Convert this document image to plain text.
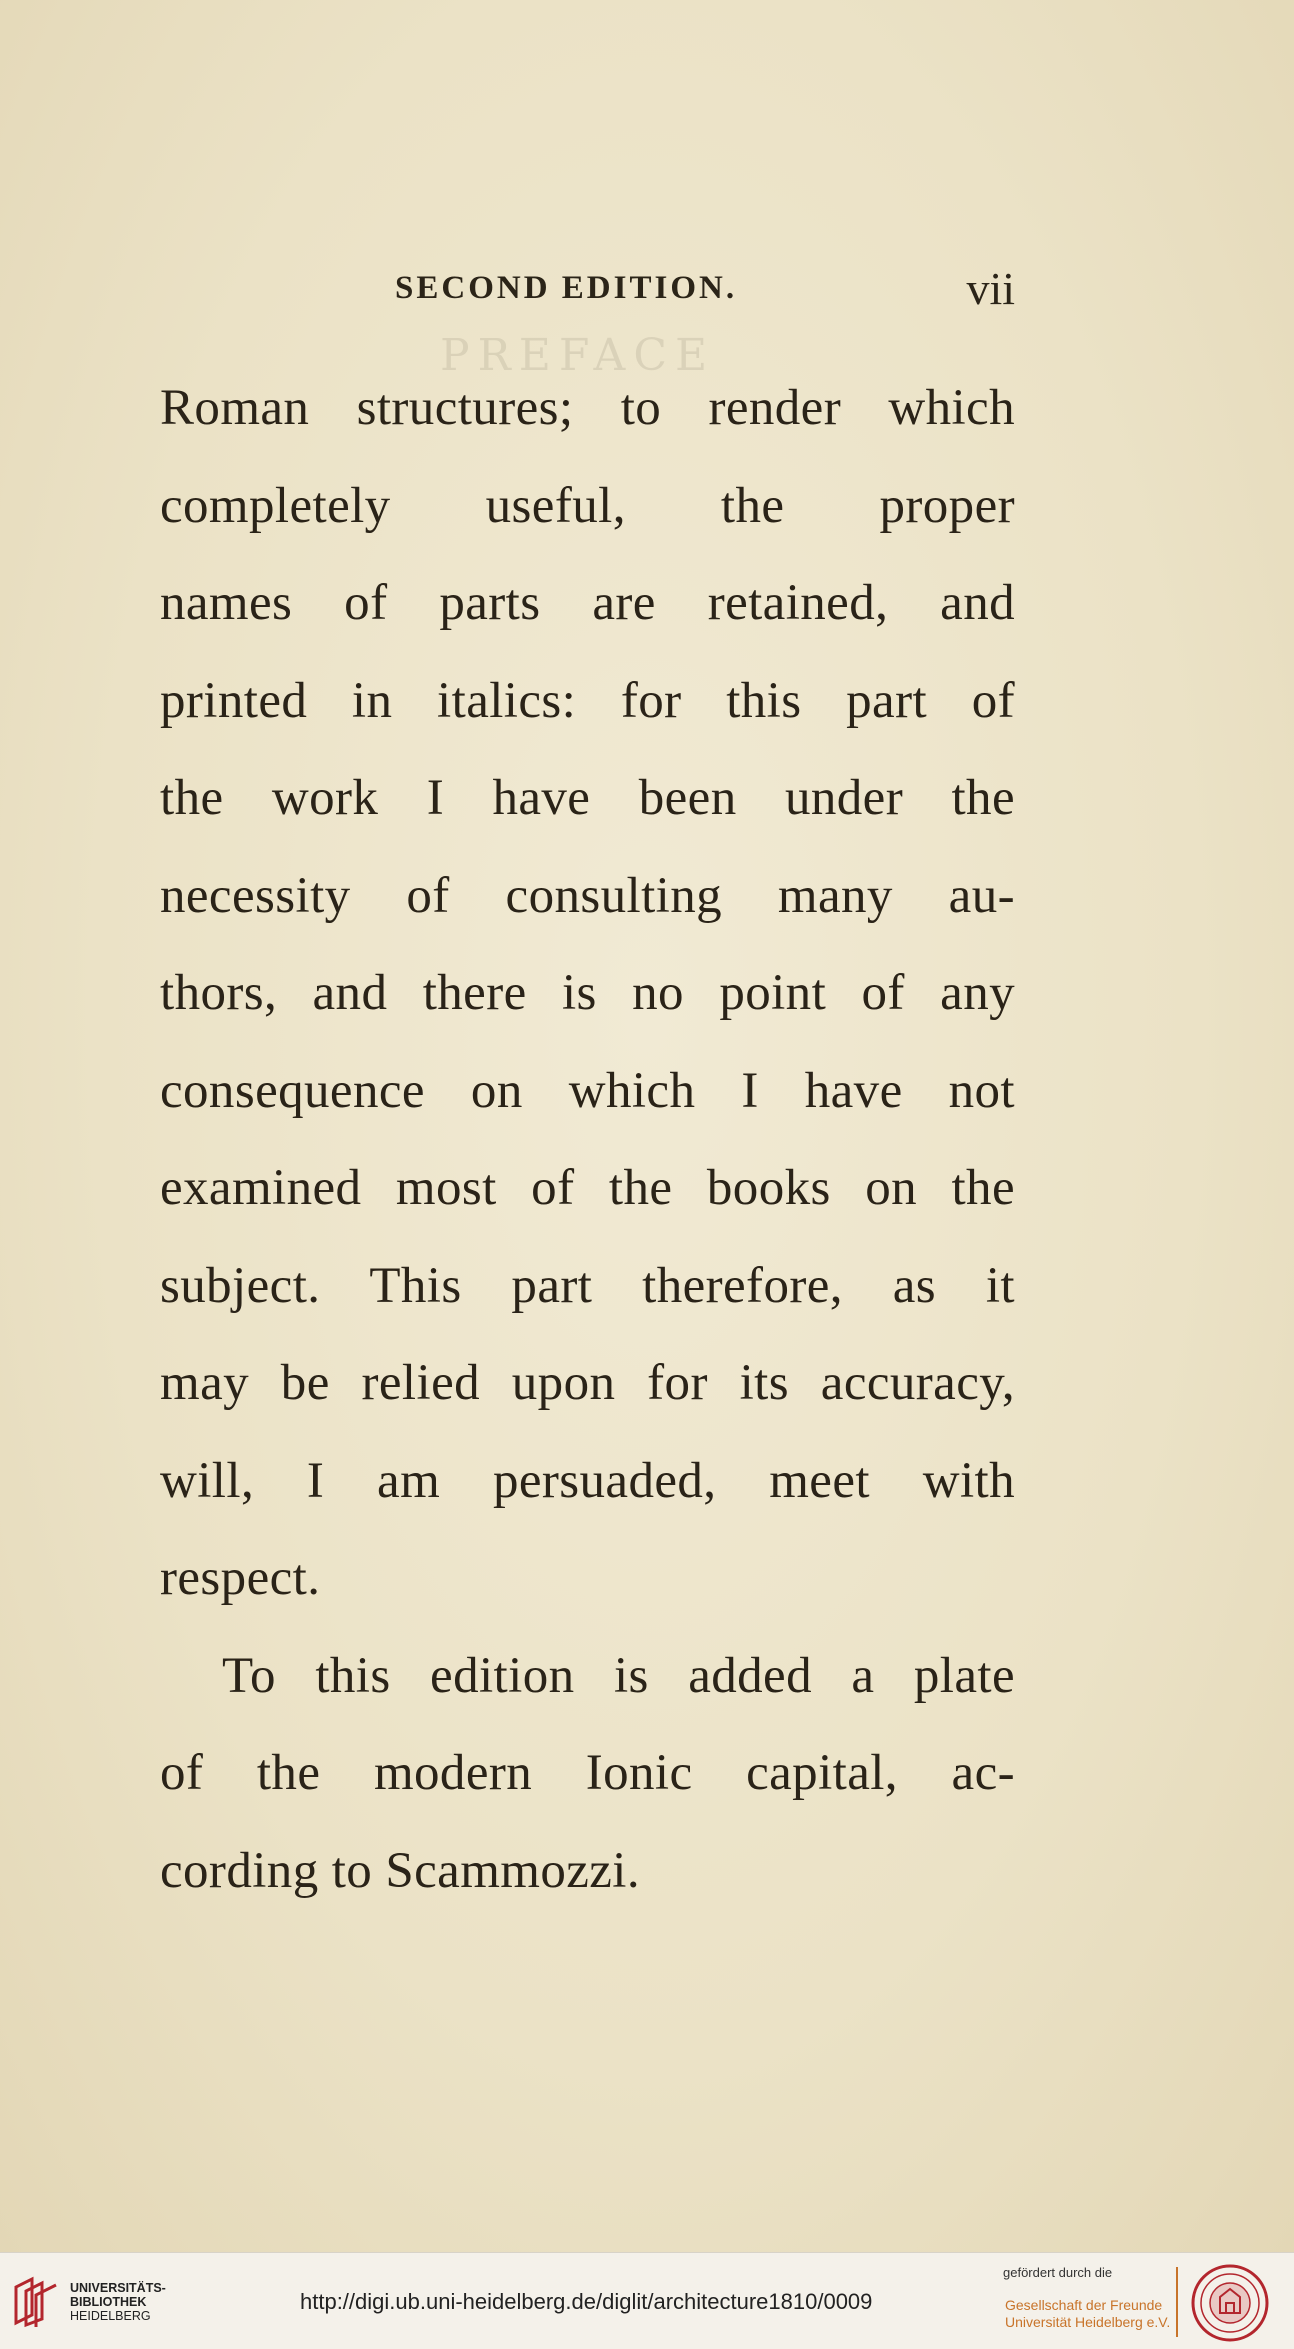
PREFACE
SECOND EDITION.	vii
Roman structures; to render which
completely useful, the proper
names of parts are retained, and
printed in italics: for this part of
the work I have been under the
necessity of consulting many au-
thors, and there is no point of any
consequence on which I have not
examined most of the books on the
subject. This part therefore, as it
may be relied upon for its accuracy,
will, I am persuaded, meet with
respect.
To this edition is added a plate
of the modern Ionic capital, ac-
cording to Scammozzi.
UNIVERSITÄTS-
BIBLIOTHEK
HEIDELBERG
http://digi.ub.uni-heidelberg.de/diglit/architecture1810/0009
gefördert durch die
Gesellschaft der Freunde
Universität Heidelberg e.V.
